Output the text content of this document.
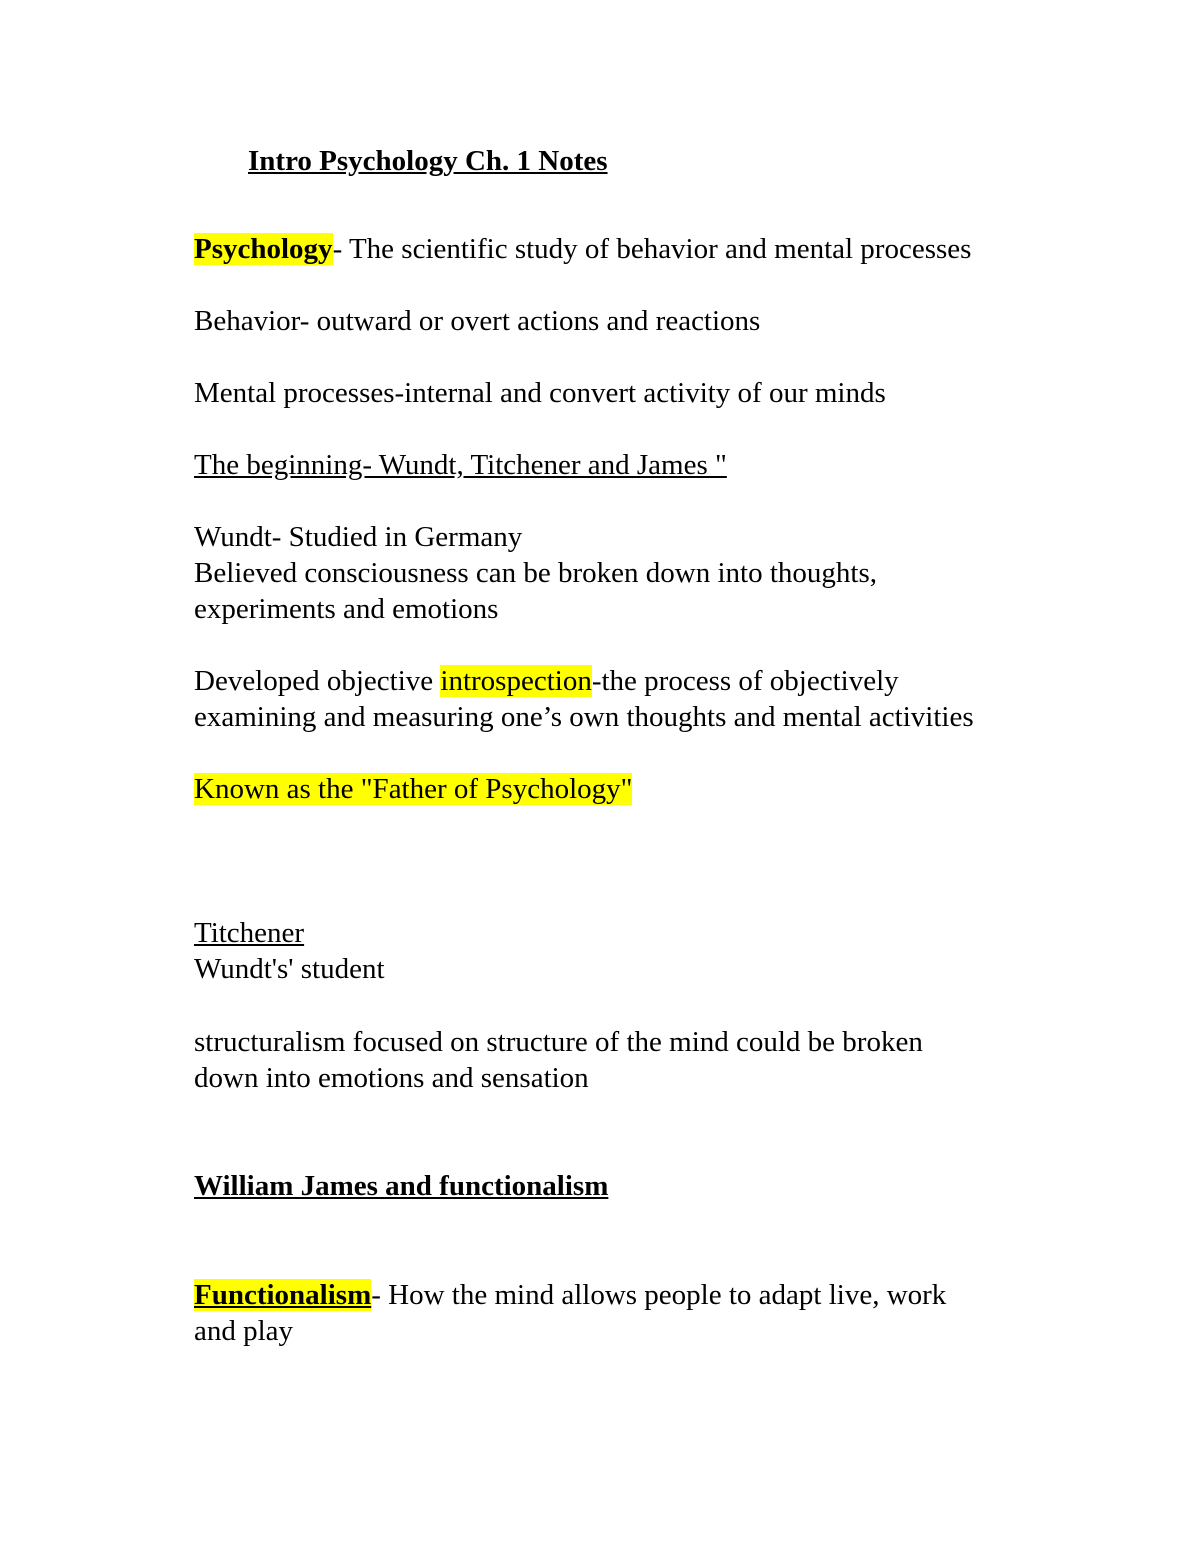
Intro Psychology Ch. 1 Notes
Psychology- The scientific study of behavior and mental processes
Behavior- outward or overt actions and reactions
Mental processes-internal and convert activity of our minds
The beginning- Wundt, Titchener and James "
Wundt- Studied in Germany
Believed consciousness can be broken down into thoughts,
experiments and emotions
Developed objective introspection-the process of objectively
examining and measuring one’s own thoughts and mental activities
Known as the "Father of Psychology"
Titchener
Wundt's' student
structuralism focused on structure of the mind could be broken
down into emotions and sensation
William James and functionalism
Functionalism- How the mind allows people to adapt live, work
and play
